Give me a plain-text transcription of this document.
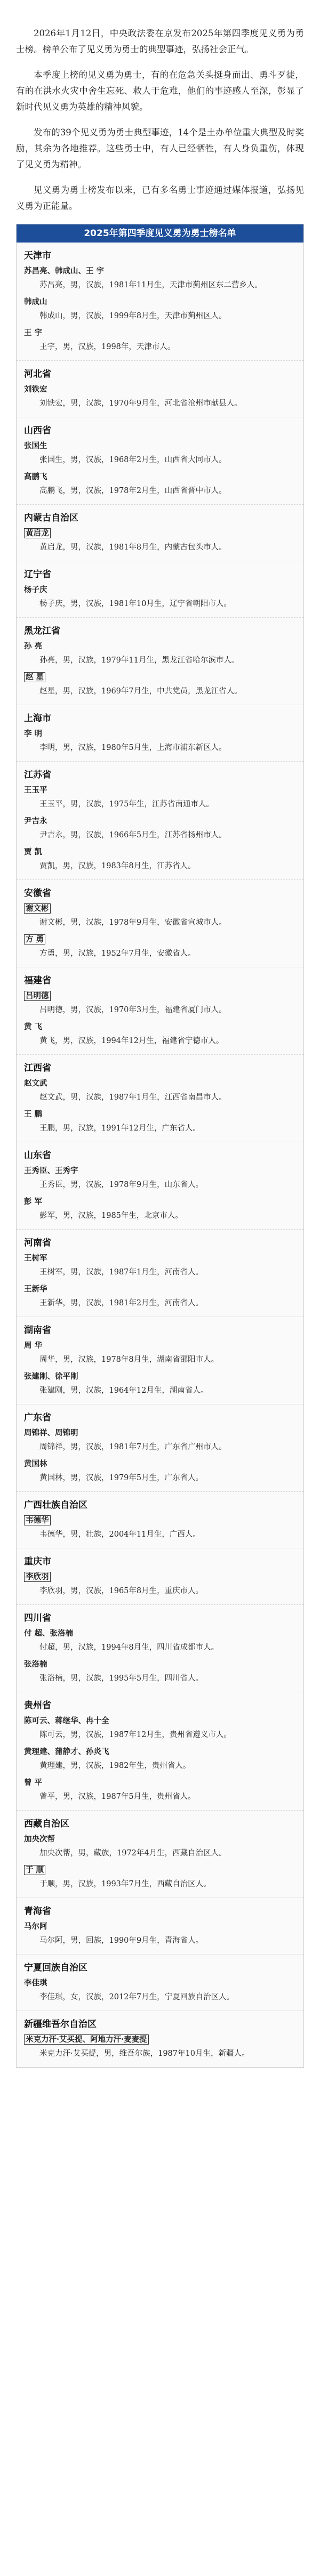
2026年1月12日，中央政法委在京发布2025年第四季度见义勇为勇士榜。榜单公布了见义勇为勇士的典型事迹，弘扬社会正气。

本季度上榜的见义勇为勇士，有的在危急关头挺身而出、勇斗歹徒，有的在洪水火灾中舍生忘死、救人于危难，他们的事迹感人至深，彰显了新时代见义勇为英雄的精神风貌。

发布的39个见义勇为勇士典型事迹，14个是土办单位重大典型及时奖励，其余为各地推荐。这些勇士中，有人已经牺牲，有人身负重伤，体现了见义勇为精神。

见义勇为勇士榜发布以来，已有多名勇士事迹通过媒体报道，弘扬见义勇为正能量。

2025年第四季度见义勇为勇士榜名单
天津市
苏昌亮、韩成山、王 宇
苏昌亮，男，汉族，1981年11月生，天津市蓟州区东二营乡人。
韩成山
韩成山，男，汉族，1999年8月生，天津市蓟州区人。
王 宇
王宇，男，汉族，1998年，天津市人。
河北省
刘铁宏
刘铁宏，男，汉族，1970年9月生，河北省沧州市献县人。
山西省
张国生
张国生，男，汉族，1968年2月生，山西省大同市人。
高鹏飞
高鹏飞，男，汉族，1978年2月生，山西省晋中市人。
内蒙古自治区
黄启龙
黄启龙，男，汉族，1981年8月生，内蒙古包头市人。
辽宁省
杨子庆
杨子庆，男，汉族，1981年10月生，辽宁省朝阳市人。
黑龙江省
孙 亮
孙亮，男，汉族，1979年11月生，黑龙江省哈尔滨市人。
赵 星
赵星，男，汉族，1969年7月生，中共党员，黑龙江省人。
上海市
李 明
李明，男，汉族，1980年5月生，上海市浦东新区人。
江苏省
王玉平
王玉平，男，汉族，1975年生，江苏省南通市人。
尹吉永
尹吉永，男，汉族，1966年5月生，江苏省扬州市人。
贾 凯
贾凯，男，汉族，1983年8月生，江苏省人。
安徽省
谢文彬
谢文彬，男，汉族，1978年9月生，安徽省宣城市人。
方 勇
方勇，男，汉族，1952年7月生，安徽省人。
福建省
吕明德
吕明德，男，汉族，1970年3月生，福建省厦门市人。
黄 飞
黄飞，男，汉族，1994年12月生，福建省宁德市人。
江西省
赵文武
赵文武，男，汉族，1987年1月生，江西省南昌市人。
王 鹏
王鹏，男，汉族，1991年12月生，广东省人。
山东省
王秀臣、王秀宇
王秀臣，男，汉族，1978年9月生，山东省人。
彭 军
彭军，男，汉族，1985年生，北京市人。
河南省
王树军
王树军，男，汉族，1987年1月生，河南省人。
王新华
王新华，男，汉族，1981年2月生，河南省人。
湖南省
周 华
周华，男，汉族，1978年8月生，湖南省邵阳市人。
张建刚、徐平刚
张建刚，男，汉族，1964年12月生，湖南省人。
广东省
周锦祥、周锦明
周锦祥，男，汉族，1981年7月生，广东省广州市人。
黄国林
黄国林，男，汉族，1979年5月生，广东省人。
广西壮族自治区
韦德华
韦德华，男，壮族，2004年11月生，广西人。
重庆市
李欣羽
李欣羽，男，汉族，1965年8月生，重庆市人。
四川省
付 超、张洛楠
付超，男，汉族，1994年8月生，四川省成都市人。
张洛楠
张洛楠，男，汉族，1995年5月生，四川省人。
贵州省
陈可云、蒋继华、冉十全
陈可云，男，汉族，1987年12月生，贵州省遵义市人。
黄理建、蒲静才、孙炎飞
黄理建，男，汉族，1982年生，贵州省人。
曾 平
曾平，男，汉族，1987年5月生，贵州省人。
西藏自治区
加央次帮
加央次帮，男，藏族，1972年4月生，西藏自治区人。
于 顺
于顺，男，汉族，1993年7月生，西藏自治区人。
青海省
马尔阿
马尔阿，男，回族，1990年9月生，青海省人。
宁夏回族自治区
李佳琪
李佳琪，女，汉族，2012年7月生，宁夏回族自治区人。
新疆维吾尔自治区
米克力汗·艾买提、阿地力汗·麦麦提
米克力汗·艾买提，男，维吾尔族，1987年10月生，新疆人。
